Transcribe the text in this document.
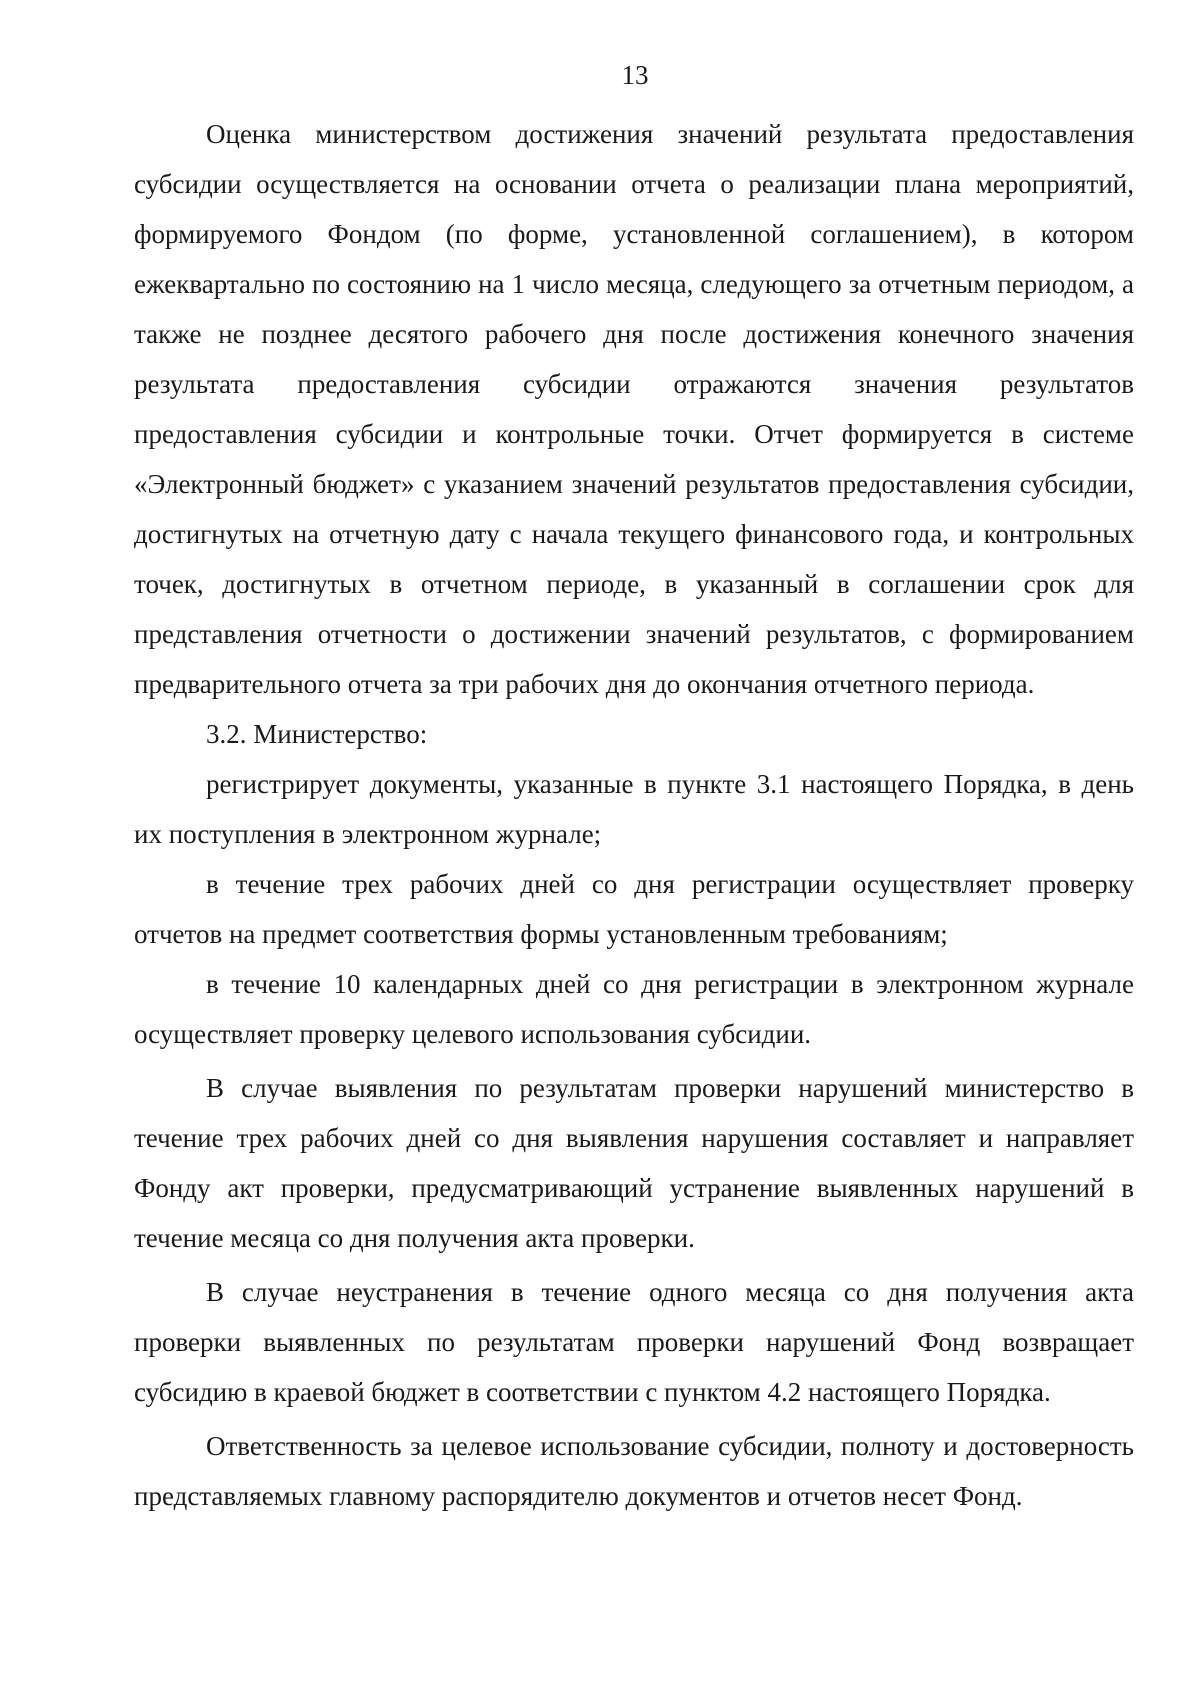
13

Оценка министерством достижения значений результата предоставления субсидии осуществляется на основании отчета о реализации плана мероприятий, формируемого Фондом (по форме, установленной соглашением), в котором ежеквартально по состоянию на 1 число месяца, следующего за отчетным периодом, а также не позднее десятого рабочего дня после достижения конечного значения результата предоставления субсидии отражаются значения результатов предоставления субсидии и контрольные точки. Отчет формируется в системе «Электронный бюджет» с указанием значений результатов предоставления субсидии, достигнутых на отчетную дату с начала текущего финансового года, и контрольных точек, достигнутых в отчетном периоде, в указанный в соглашении срок для представления отчетности о достижении значений результатов, с формированием предварительного отчета за три рабочих дня до окончания отчетного периода.

3.2. Министерство:

регистрирует документы, указанные в пункте 3.1 настоящего Порядка, в день их поступления в электронном журнале;

в течение трех рабочих дней со дня регистрации осуществляет проверку отчетов на предмет соответствия формы установленным требованиям;

в течение 10 календарных дней со дня регистрации в электронном журнале осуществляет проверку целевого использования субсидии.

В случае выявления по результатам проверки нарушений министерство в течение трех рабочих дней со дня выявления нарушения составляет и направляет Фонду акт проверки, предусматривающий устранение выявленных нарушений в течение месяца со дня получения акта проверки.

В случае неустранения в течение одного месяца со дня получения акта проверки выявленных по результатам проверки нарушений Фонд возвращает субсидию в краевой бюджет в соответствии с пунктом 4.2 настоящего Порядка.

Ответственность за целевое использование субсидии, полноту и достоверность представляемых главному распорядителю документов и отчетов несет Фонд.
